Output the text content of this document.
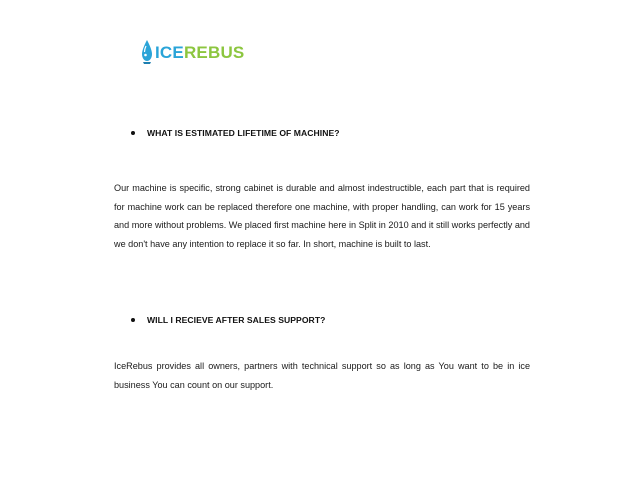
ICEREBUS
WHAT IS ESTIMATED LIFETIME OF MACHINE?
Our machine is specific, strong cabinet is durable and almost indestructible, each part that is required for machine work can be replaced therefore one machine, with proper handling, can work for 15 years and more without problems. We placed first machine here in Split in 2010 and it still works perfectly and we don't have any intention to replace it so far. In short, machine is built to last.
WILL I RECIEVE AFTER SALES SUPPORT?
IceRebus provides all owners, partners with technical support so as long as You want to be in ice business You can count on our support.
